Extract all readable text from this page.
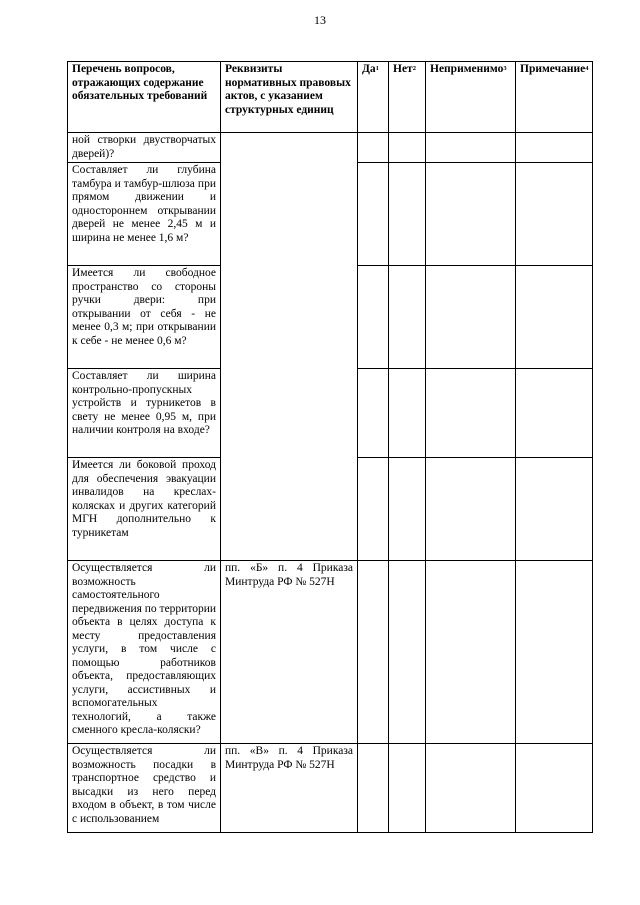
13
Перечень вопросов, отражающих содержание обязательных требований	Реквизиты нормативных правовых актов, с указанием структурных единиц	$Да^1$	Нет$^2$	Неприменимо$^3$	Примечание$^4$
ной створки двустворчатых дверей)?					
Составляет ли глубина тамбура и тамбур-шлюза при прямом движении и одностороннем открывании дверей не менее 2,45 м и ширина не менее 1,6 м?					
Имеется ли свободное пространство со стороны ручки двери: при открывании от себя - не менее 0,3 м; при открывании к себе - не менее 0,6 м?					
Составляет ли ширина контрольно-пропускных устройств и турникетов в свету не менее 0,95 м, при наличии контроля на входе?					
Имеется ли боковой проход для обеспечения эвакуации инвалидов на креслах-колясках и других категорий МГН дополнительно к турникетам					
Осуществляется ли возможность самостоятельного передвижения по территории объекта в целях доступа к месту предоставления услуги, в том числе с помощью работников объекта, предоставляющих услуги, ассистивных и вспомогательных технологий, а также сменного кресла-коляски?	пп. «Б» п. 4 Приказа Минтруда РФ № 527Н				
Осуществляется ли возможность посадки в транспортное средство и высадки из него перед входом в объект, в том числе с использованием	пп. «В» п. 4 Приказа Минтруда РФ № 527Н				
